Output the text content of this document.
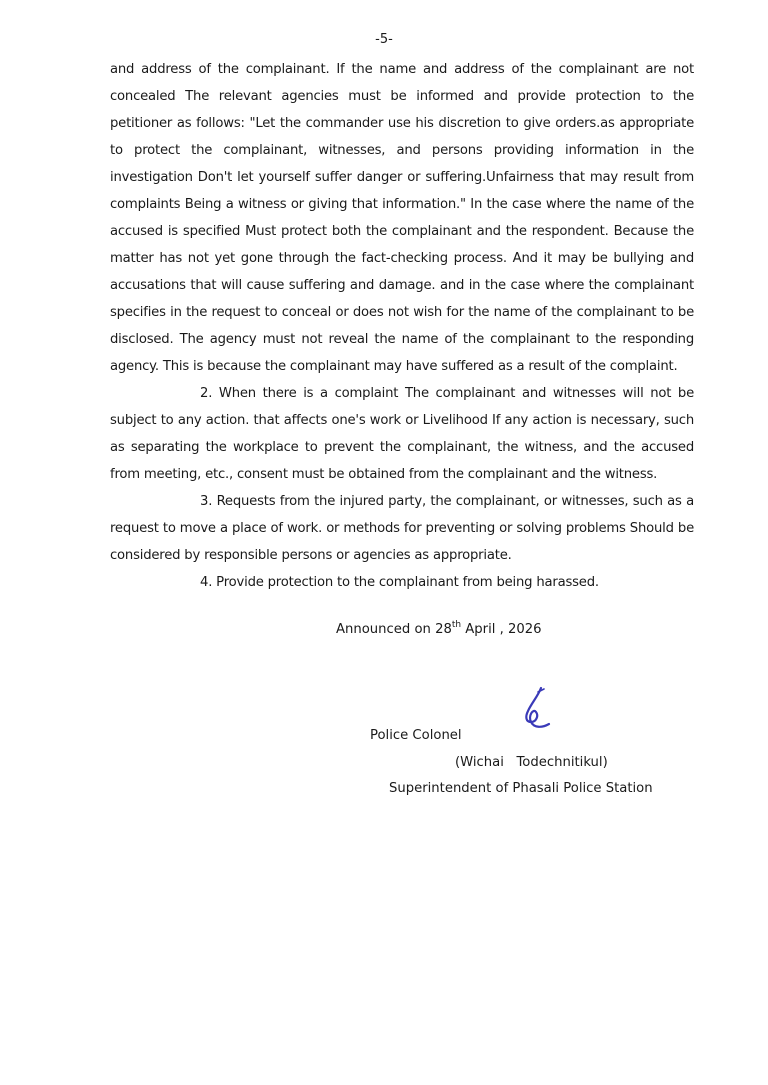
-5-

and address of the complainant. If the name and address of the complainant are not concealed The relevant agencies must be informed and provide protection to the petitioner as follows: "Let the commander use his discretion to give orders.as appropriate to protect the complainant, witnesses, and persons providing information in the investigation Don't let yourself suffer danger or suffering.Unfairness that may result from complaints Being a witness or giving that information." In the case where the name of the accused is specified Must protect both the complainant and the respondent. Because the matter has not yet gone through the fact-checking process. And it may be bullying and accusations that will cause suffering and damage. and in the case where the complainant specifies in the request to conceal or does not wish for the name of the complainant to be disclosed. The agency must not reveal the name of the complainant to the responding agency. This is because the complainant may have suffered as a result of the complaint.

2. When there is a complaint The complainant and witnesses will not be subject to any action. that affects one's work or Livelihood If any action is necessary, such as separating the workplace to prevent the complainant, the witness, and the accused from meeting, etc., consent must be obtained from the complainant and the witness.

3. Requests from the injured party, the complainant, or witnesses, such as a request to move a place of work. or methods for preventing or solving problems Should be considered by responsible persons or agencies as appropriate.

4. Provide protection to the complainant from being harassed.

Announced on 28th April , 2026
Police Colonel
(Wichai   Todechnitikul)
Superintendent of Phasali Police Station
